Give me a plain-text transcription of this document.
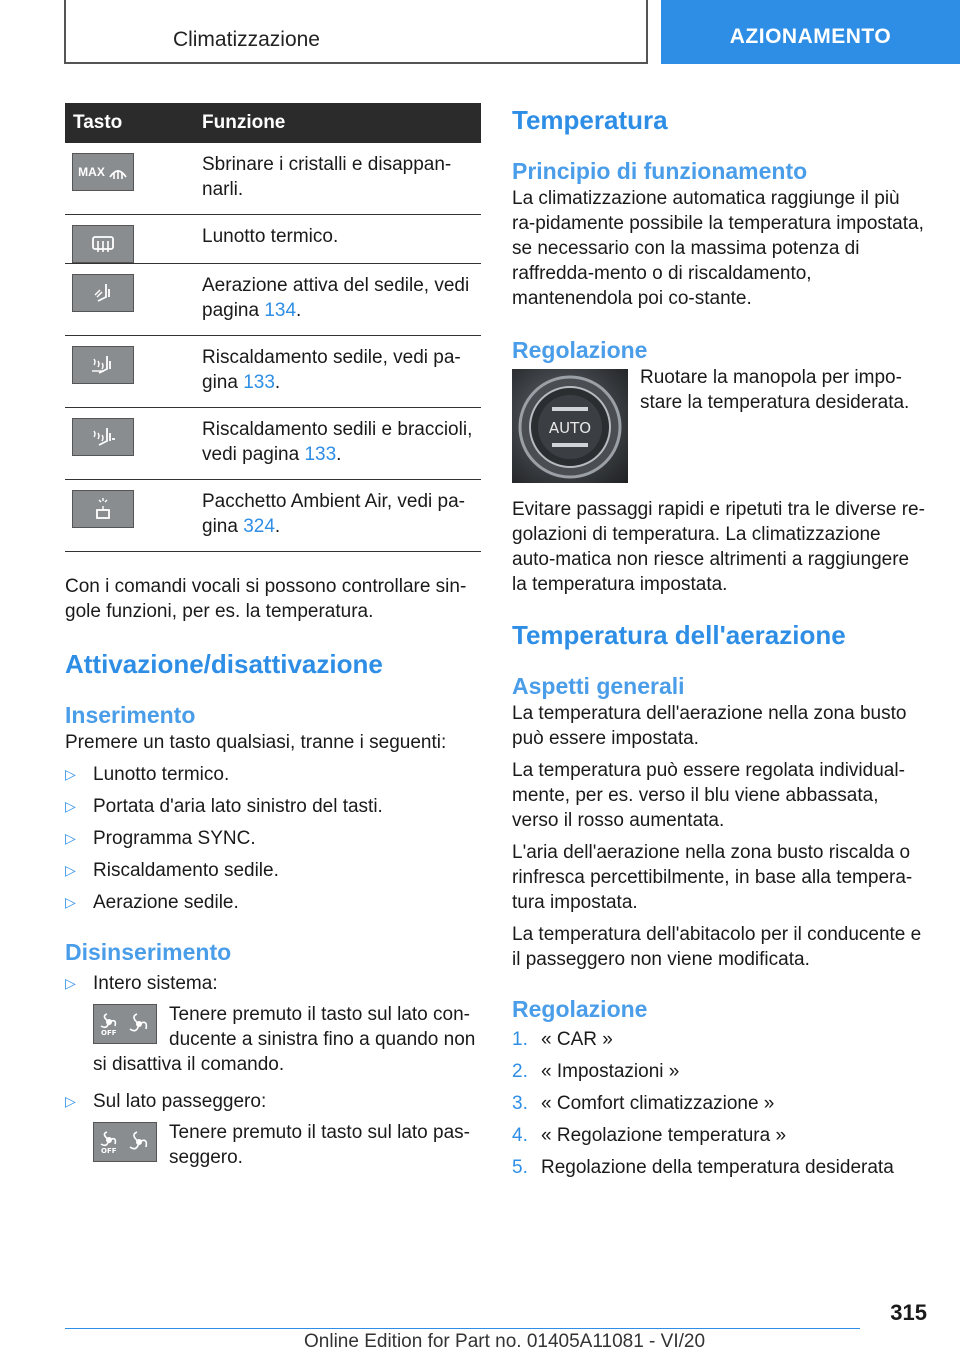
Climatizzazione	AZIONAMENTO
Tasto	Funzione

MAX	Sbrinare i cristalli e disappan-narli.

	Lunotto termico.

	Aerazione attiva del sedile, vedi pagina 134.

	Riscaldamento sedile, vedi pa-gina 133.

	Riscaldamento sedili e braccioli, vedi pagina 133.

	Pacchetto Ambient Air, vedi pa-gina 324.

Con i comandi vocali si possono controllare sin-gole funzioni, per es. la temperatura.

Attivazione/disattivazione
Inserimento

Premere un tasto qualsiasi, tranne i seguenti:

▷ Lunotto termico.
▷ Portata d'aria lato sinistro del tasti.
▷ Programma SYNC.
▷ Riscaldamento sedile.
▷ Aerazione sedile.
Disinserimento
▷ Intero sistema:
OFF
Tenere premuto il tasto sul lato con-ducente a sinistra fino a quando non si disattiva il comando.
▷ Sul lato passeggero:
OFF
Tenere premuto il tasto sul lato pas-seggero.
Temperatura
Principio di funzionamento

La climatizzazione automatica raggiunge il più ra-pidamente possibile la temperatura impostata, se necessario con la massima potenza di raffredda-mento o di riscaldamento, mantenendola poi co-stante.

Regolazione
AUTO

Ruotare la manopola per impo-stare la temperatura desiderata.

Evitare passaggi rapidi e ripetuti tra le diverse re-golazioni di temperatura. La climatizzazione auto-matica non riesce altrimenti a raggiungere la temperatura impostata.

Temperatura dell'aerazione
Aspetti generali

La temperatura dell'aerazione nella zona busto può essere impostata.

La temperatura può essere regolata individual-mente, per es. verso il blu viene abbassata, verso il rosso aumentata.

L'aria dell'aerazione nella zona busto riscalda o rinfresca percettibilmente, in base alla tempera-tura impostata.

La temperatura dell'abitacolo per il conducente e il passeggero non viene modificata.

Regolazione
1. « CAR »
2. « Impostazioni »
3. « Comfort climatizzazione »
4. « Regolazione temperatura »
5. Regolazione della temperatura desiderata
315
Online Edition for Part no. 01405A11081 - VI/20
